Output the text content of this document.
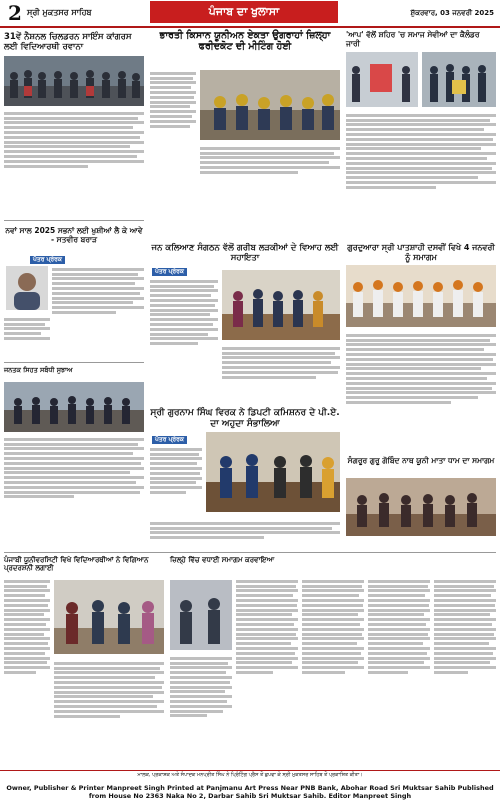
2 ਸ੍ਰੀ ਮੁਕਤਸਰ ਸਾਹਿਬ	ਪੰਜਾਬ ਦਾ ਖੁਲਾਸਾ	ਸ਼ੁੱਕਰਵਾਰ, 03 ਜਨਵਰੀ 2025
31ਵੇਂ ਨੈਸ਼ਨਲ ਚਿਲਡਰਨ ਸਾਇੰਸ ਕਾਂਗਰਸ ਲਈ ਵਿਦਿਆਰਥੀ ਰਵਾਨਾ
ਨਵਾਂ ਸਾਲ 2025 ਸਭਨਾਂ ਲਈ ਖੁਸ਼ੀਆਂ ਲੈ ਕੇ ਆਵੇ - ਸਤਵੀਰ ਬਰਾੜ
ਪੱਤਰ ਪ੍ਰੇਰਕ
ਜਨਤਕ ਸਿਹਤ ਸਬੰਧੀ ਸੁਝਾਅ
ਭਾਰਤੀ ਕਿਸਾਨ ਯੂਨੀਅਨ ਏਕਤਾ ਉਗਰਾਹਾਂ ਜ਼ਿਲ੍ਹਾ ਫਰੀਦਕੋਟ ਦੀ ਮੀਟਿੰਗ ਹੋਈ
'ਆਪ' ਵੱਲੋਂ ਸ਼ਹਿਰ 'ਚ ਸਮਾਜ ਸੇਵੀਆਂ ਦਾ ਕੈਲੰਡਰ ਜਾਰੀ
ਜਨ ਕਲਿਆਣ ਸੰਗਠਨ ਵੱਲੋਂ ਗਰੀਬ ਲੜਕੀਆਂ ਦੇ ਵਿਆਹ ਲਈ ਸਹਾਇਤਾ
ਗੁਰਦੁਆਰਾ ਸ੍ਰੀ ਪਾਤਸ਼ਾਹੀ ਦਸਵੀਂ ਵਿਖੇ 4 ਜਨਵਰੀ ਨੂੰ ਸਮਾਗਮ
ਪੱਤਰ ਪ੍ਰੇਰਕ
ਸ੍ਰੀ ਗੁਰਨਾਮ ਸਿੰਘ ਵਿਰਕ ਨੇ ਡਿਪਟੀ ਕਮਿਸ਼ਨਰ ਦੇ ਪੀ.ਏ. ਦਾ ਅਹੁਦਾ ਸੰਭਾਲਿਆ
ਪੱਤਰ ਪ੍ਰੇਰਕ
ਸੰਗਰੂਰ ਗੁਰੂ ਗੋਬਿੰਦ ਨਾਥ ਯੂਨੀ ਮਾਤਾ ਧਾਮ ਦਾ ਸਮਾਗਮ
ਪੰਜਾਬੀ ਯੂਨੀਵਰਸਿਟੀ ਵਿਖੇ ਵਿਦਿਆਰਥੀਆਂ ਨੇ ਵਿਗਿਆਨ ਪ੍ਰਦਰਸ਼ਨੀ ਲਗਾਈ
ਜ਼ਿਲ੍ਹੇ ਵਿੱਚ ਵਧਾਈ ਸਮਾਗਮ ਕਰਵਾਇਆ
ਮਾਲਕ, ਪ੍ਰਕਾਸ਼ਕ ਅਤੇ ਸੰਪਾਦਕ ਮਨਪ੍ਰੀਤ ਸਿੰਘ ਨੇ ਪ੍ਰਿੰਟਿੰਗ ਪ੍ਰੈਸ ਤੋਂ ਛਪਵਾ ਕੇ ਸ੍ਰੀ ਮੁਕਤਸਰ ਸਾਹਿਬ ਤੋਂ ਪ੍ਰਕਾਸ਼ਿਤ ਕੀਤਾ।
Owner, Publisher & Printer Manpreet Singh Printed at Panjmanu Art Press Near PNB Bank, Abohar Road Sri Muktsar Sahib Published from House No 2363 Naka No 2, Darbar Sahib Sri Muktsar Sahib. Editor Manpreet Singh
